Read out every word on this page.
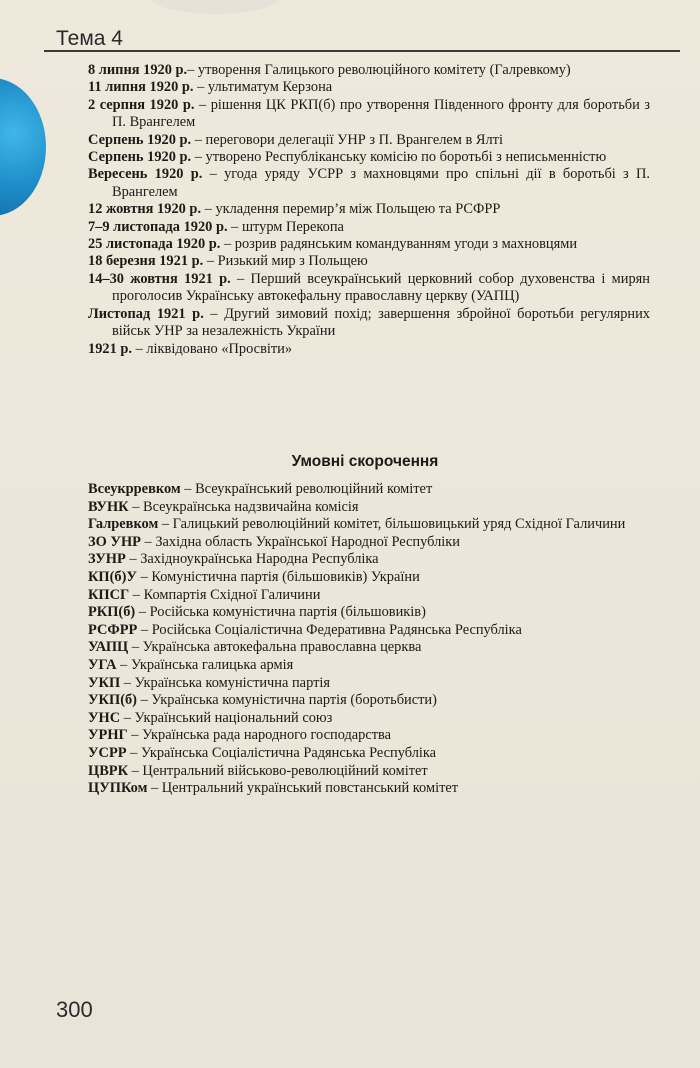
Тема 4
8 липня 1920 р.– утворення Галицького революційного комітету (Галревкому)
11 липня 1920 р. – ультиматум Керзона
2 серпня 1920 р. – рішення ЦК РКП(б) про утворення Південного фронту для боротьби з П. Врангелем
Серпень 1920 р. – переговори делегації УНР з П. Врангелем в Ялті
Серпень 1920 р. – утворено Республіканську комісію по боротьбі з неписьменністю
Вересень 1920 р. – угода уряду УСРР з махновцями про спільні дії в боротьбі з П. Врангелем
12 жовтня 1920 р. – укладення перемир’я між Польщею та РСФРР
7–9 листопада 1920 р. – штурм Перекопа
25 листопада 1920 р. – розрив радянським командуванням угоди з махновцями
18 березня 1921 р. – Ризький мир з Польщею
14–30 жовтня 1921 р. – Перший всеукраїнський церковний собор духовенства і мирян проголосив Українську автокефальну православну церкву (УАПЦ)
Листопад 1921 р. – Другий зимовий похід; завершення збройної боротьби регулярних військ УНР за незалежність України
1921 р. – ліквідовано «Просвіти»
Умовні скорочення
Всеукрревком – Всеукраїнський революційний комітет
ВУНК – Всеукраїнська надзвичайна комісія
Галревком – Галицький революційний комітет, більшовицький уряд Східної Галичини
ЗО УНР – Західна область Української Народної Республіки
ЗУНР – Західноукраїнська Народна Республіка
КП(б)У – Комуністична партія (більшовиків) України
КПСГ – Компартія Східної Галичини
РКП(б) – Російська комуністична партія (більшовиків)
РСФРР – Російська Соціалістична Федеративна Радянська Республіка
УАПЦ – Українська автокефальна православна церква
УГА – Українська галицька армія
УКП – Українська комуністична партія
УКП(б) – Українська комуністична партія (боротьбисти)
УНС – Український національний союз
УРНГ – Українська рада народного господарства
УСРР – Українська Соціалістична Радянська Республіка
ЦВРК – Центральний військово-революційний комітет
ЦУПКом – Центральний український повстанський комітет
300
